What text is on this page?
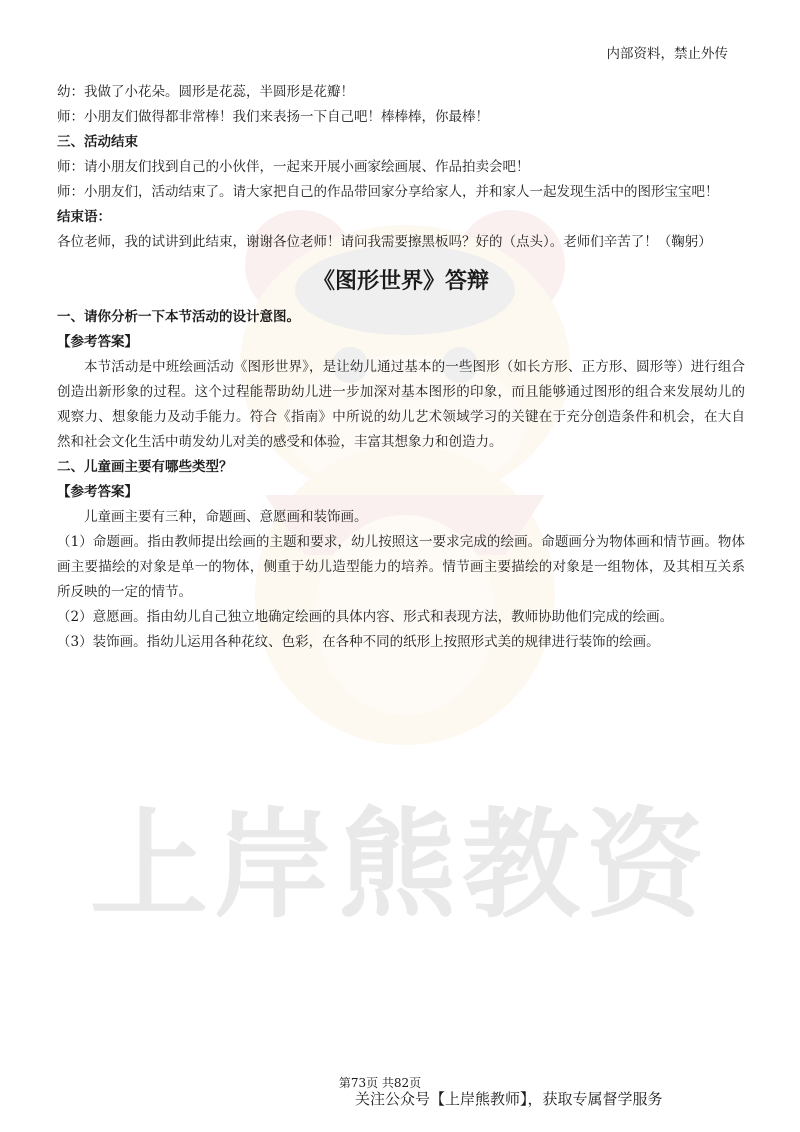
上岸熊教资
内部资料，禁止外传

幼：我做了小花朵。圆形是花蕊，半圆形是花瓣！

师：小朋友们做得都非常棒！我们来表扬一下自己吧！棒棒棒，你最棒！

三、活动结束

师：请小朋友们找到自己的小伙伴，一起来开展小画家绘画展、作品拍卖会吧！

师：小朋友们，活动结束了。请大家把自己的作品带回家分享给家人，并和家人一起发现生活中的图形宝宝吧！

结束语：

各位老师，我的试讲到此结束，谢谢各位老师！请问我需要擦黑板吗？好的（点头）。老师们辛苦了！（鞠躬）

《图形世界》答辩

一、请你分析一下本节活动的设计意图。

【参考答案】

本节活动是中班绘画活动《图形世界》，是让幼儿通过基本的一些图形（如长方形、正方形、圆形等）进行组合创造出新形象的过程。这个过程能帮助幼儿进一步加深对基本图形的印象，而且能够通过图形的组合来发展幼儿的观察力、想象能力及动手能力。符合《指南》中所说的幼儿艺术领域学习的关键在于充分创造条件和机会，在大自然和社会文化生活中萌发幼儿对美的感受和体验，丰富其想象力和创造力。

二、儿童画主要有哪些类型？

【参考答案】

儿童画主要有三种，命题画、意愿画和装饰画。

（1）命题画。指由教师提出绘画的主题和要求，幼儿按照这一要求完成的绘画。命题画分为物体画和情节画。物体画主要描绘的对象是单一的物体，侧重于幼儿造型能力的培养。情节画主要描绘的对象是一组物体，及其相互关系所反映的一定的情节。

（2）意愿画。指由幼儿自己独立地确定绘画的具体内容、形式和表现方法，教师协助他们完成的绘画。

（3）装饰画。指幼儿运用各种花纹、色彩，在各种不同的纸形上按照形式美的规律进行装饰的绘画。

第73页 共82页
关注公众号【上岸熊教师】，获取专属督学服务
